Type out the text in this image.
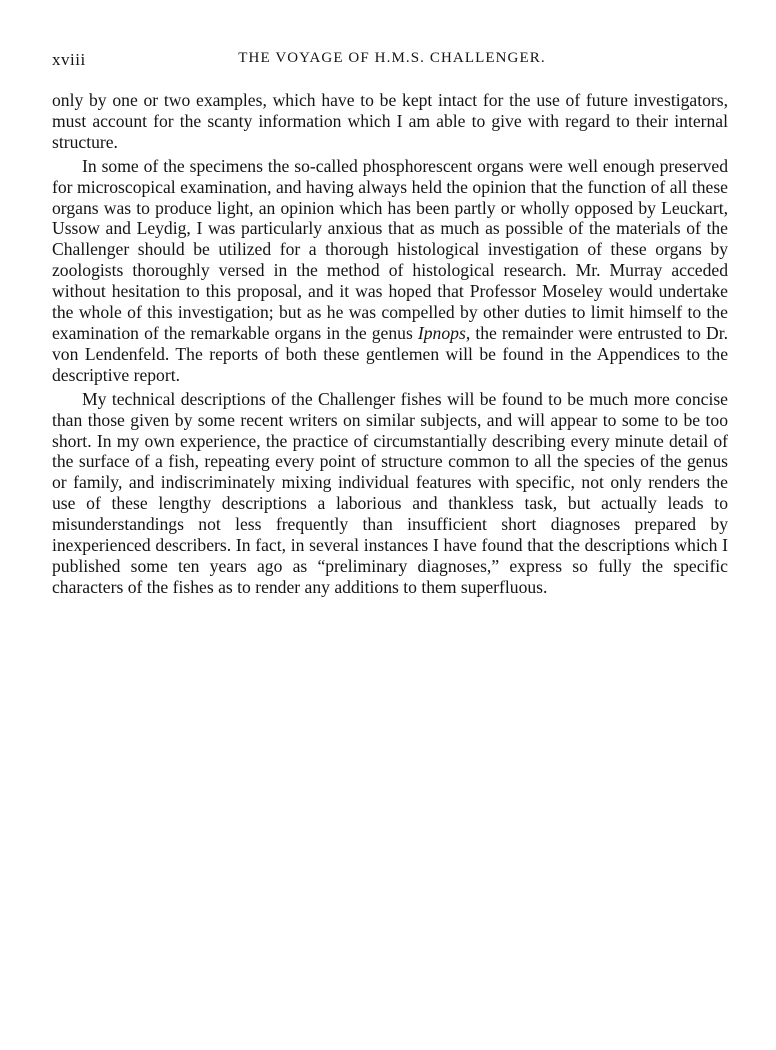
xviii	THE VOYAGE OF H.M.S. CHALLENGER.

only by one or two examples, which have to be kept intact for the use of future investigators, must account for the scanty information which I am able to give with regard to their internal structure.

In some of the specimens the so-called phosphorescent organs were well enough preserved for microscopical examination, and having always held the opinion that the function of all these organs was to produce light, an opinion which has been partly or wholly opposed by Leuckart, Ussow and Leydig, I was particularly anxious that as much as possible of the materials of the Challenger should be utilized for a thorough histological investigation of these organs by zoologists thoroughly versed in the method of histological research. Mr. Murray acceded without hesitation to this proposal, and it was hoped that Professor Moseley would undertake the whole of this investigation; but as he was compelled by other duties to limit himself to the examination of the remarkable organs in the genus Ipnops, the remainder were entrusted to Dr. von Lendenfeld. The reports of both these gentlemen will be found in the Appendices to the descriptive report.

My technical descriptions of the Challenger fishes will be found to be much more concise than those given by some recent writers on similar subjects, and will appear to some to be too short. In my own experience, the practice of circumstantially describing every minute detail of the surface of a fish, repeating every point of structure common to all the species of the genus or family, and indiscriminately mixing individual features with specific, not only renders the use of these lengthy descriptions a laborious and thankless task, but actually leads to misunderstandings not less frequently than insufficient short diagnoses prepared by inexperienced describers. In fact, in several instances I have found that the descriptions which I published some ten years ago as “preliminary diagnoses,” express so fully the specific characters of the fishes as to render any additions to them superfluous.
